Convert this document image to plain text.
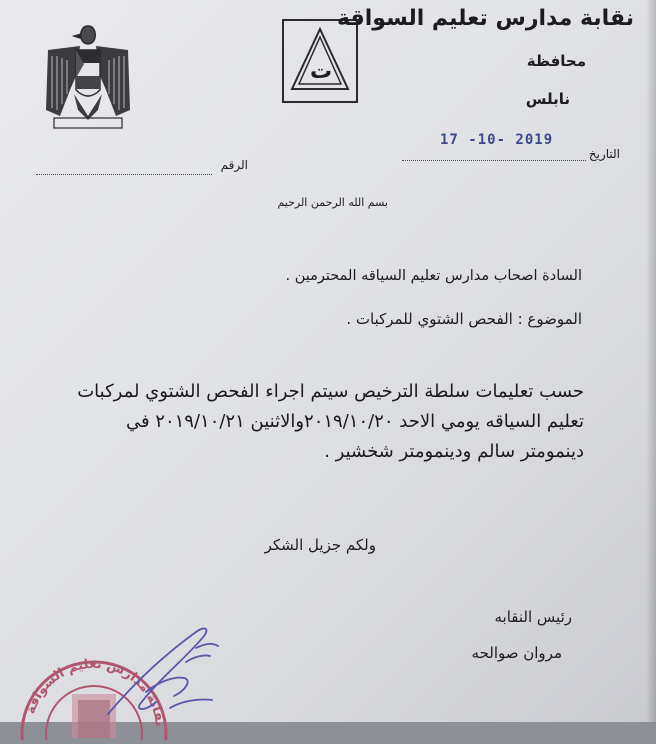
ت
نقابة مدارس تعليم السواقة
محافظة
نابلس
التاريخ
17 -10- 2019
الرقم
بسم الله الرحمن الرحيم
السادة اصحاب مدارس تعليم السياقه المحترمين .
الموضوع : الفحص الشتوي للمركبات .
حسب تعليمات سلطة الترخيص سيتم اجراء الفحص الشتوي لمركبات تعليم السياقه يومي الاحد ٢٠١٩/١٠/٢٠والاثنين ٢٠١٩/١٠/٢١ في دينمومتر سالم ودينمومتر شخشير .
ولكم جزيل الشكر
رئيس النقابه
مروان صوالحه
نقابة مدارس تعليم السواقة
